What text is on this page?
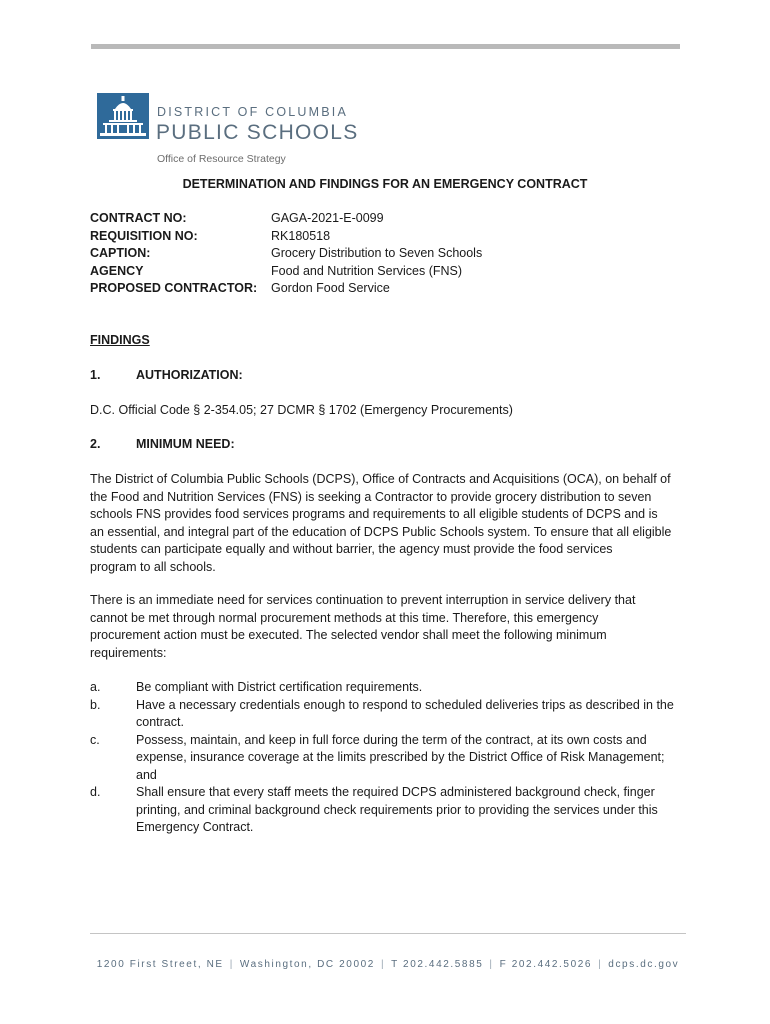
DISTRICT OF COLUMBIA
PUBLIC SCHOOLS
Office of Resource Strategy
DETERMINATION AND FINDINGS FOR AN EMERGENCY CONTRACT
CONTRACT NO:	GAGA-2021-E-0099
REQUISITION NO:	RK180518
CAPTION:	Grocery Distribution to Seven Schools
AGENCY	Food and Nutrition Services (FNS)
PROPOSED CONTRACTOR: Gordon Food Service
FINDINGS
1.	AUTHORIZATION:
D.C. Official Code § 2-354.05; 27 DCMR § 1702 (Emergency Procurements)
2.	MINIMUM NEED:
The District of Columbia Public Schools (DCPS), Office of Contracts and Acquisitions (OCA), on behalf of
the Food and Nutrition Services (FNS) is seeking a Contractor to provide grocery distribution to seven
schools FNS provides food services programs and requirements to all eligible students of DCPS and is
an essential, and integral part of the education of DCPS Public Schools system. To ensure that all eligible
students can participate equally and without barrier, the agency must provide the food services
program to all schools.
There is an immediate need for services continuation to prevent interruption in service delivery that
cannot be met through normal procurement methods at this time. Therefore, this emergency
procurement action must be executed. The selected vendor shall meet the following minimum
requirements:
a.	Be compliant with District certification requirements.
b.	Have a necessary credentials enough to respond to scheduled deliveries trips as described in the
contract.
c.	Possess, maintain, and keep in full force during the term of the contract, at its own costs and
expense, insurance coverage at the limits prescribed by the District Office of Risk Management;
and
d.	Shall ensure that every staff meets the required DCPS administered background check, finger
printing, and criminal background check requirements prior to providing the services under this
Emergency Contract.
1200 First Street, NE | Washington, DC 20002 | T 202.442.5885 | F 202.442.5026 | dcps.dc.gov
